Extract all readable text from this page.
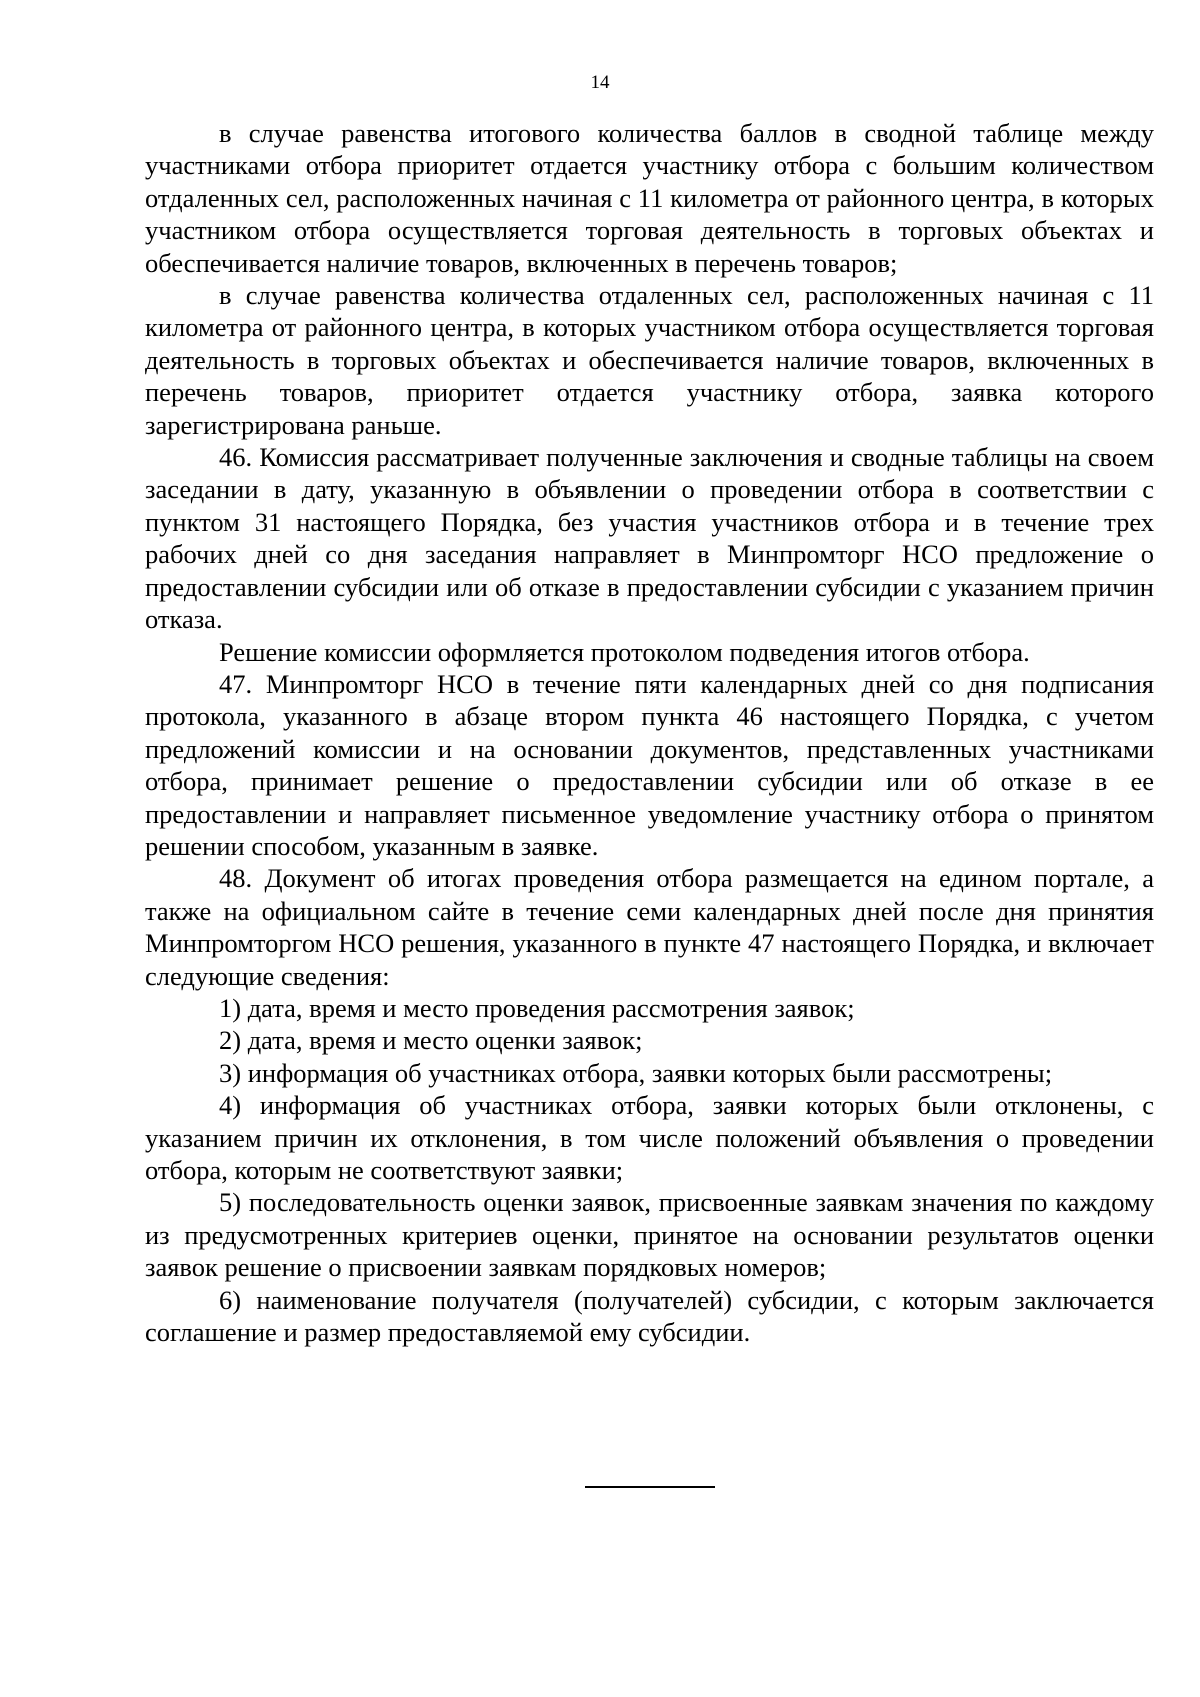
14

в случае равенства итогового количества баллов в сводной таблице между участниками отбора приоритет отдается участнику отбора с большим количеством отдаленных сел, расположенных начиная с 11 километра от районного центра, в которых участником отбора осуществляется торговая деятельность в торговых объектах и обеспечивается наличие товаров, включенных в перечень товаров;

в случае равенства количества отдаленных сел, расположенных начиная с 11 километра от районного центра, в которых участником отбора осуществляется торговая деятельность в торговых объектах и обеспечивается наличие товаров, включенных в перечень товаров, приоритет отдается участнику отбора, заявка которого зарегистрирована раньше.

46. Комиссия рассматривает полученные заключения и сводные таблицы на своем заседании в дату, указанную в объявлении о проведении отбора в соответствии с пунктом 31 настоящего Порядка, без участия участников отбора и в течение трех рабочих дней со дня заседания направляет в Минпромторг НСО предложение о предоставлении субсидии или об отказе в предоставлении субсидии с указанием причин отказа.

Решение комиссии оформляется протоколом подведения итогов отбора.

47. Минпромторг НСО в течение пяти календарных дней со дня подписания протокола, указанного в абзаце втором пункта 46 настоящего Порядка, с учетом предложений комиссии и на основании документов, представленных участниками отбора, принимает решение о предоставлении субсидии или об отказе в ее предоставлении и направляет письменное уведомление участнику отбора о принятом решении способом, указанным в заявке.

48. Документ об итогах проведения отбора размещается на едином портале, а также на официальном сайте в течение семи календарных дней после дня принятия Минпромторгом НСО решения, указанного в пункте 47 настоящего Порядка, и включает следующие сведения:

1) дата, время и место проведения рассмотрения заявок;

2) дата, время и место оценки заявок;

3) информация об участниках отбора, заявки которых были рассмотрены;

4) информация об участниках отбора, заявки которых были отклонены, с указанием причин их отклонения, в том числе положений объявления о проведении отбора, которым не соответствуют заявки;

5) последовательность оценки заявок, присвоенные заявкам значения по каждому из предусмотренных критериев оценки, принятое на основании результатов оценки заявок решение о присвоении заявкам порядковых номеров;

6) наименование получателя (получателей) субсидии, с которым заключается соглашение и размер предоставляемой ему субсидии.
